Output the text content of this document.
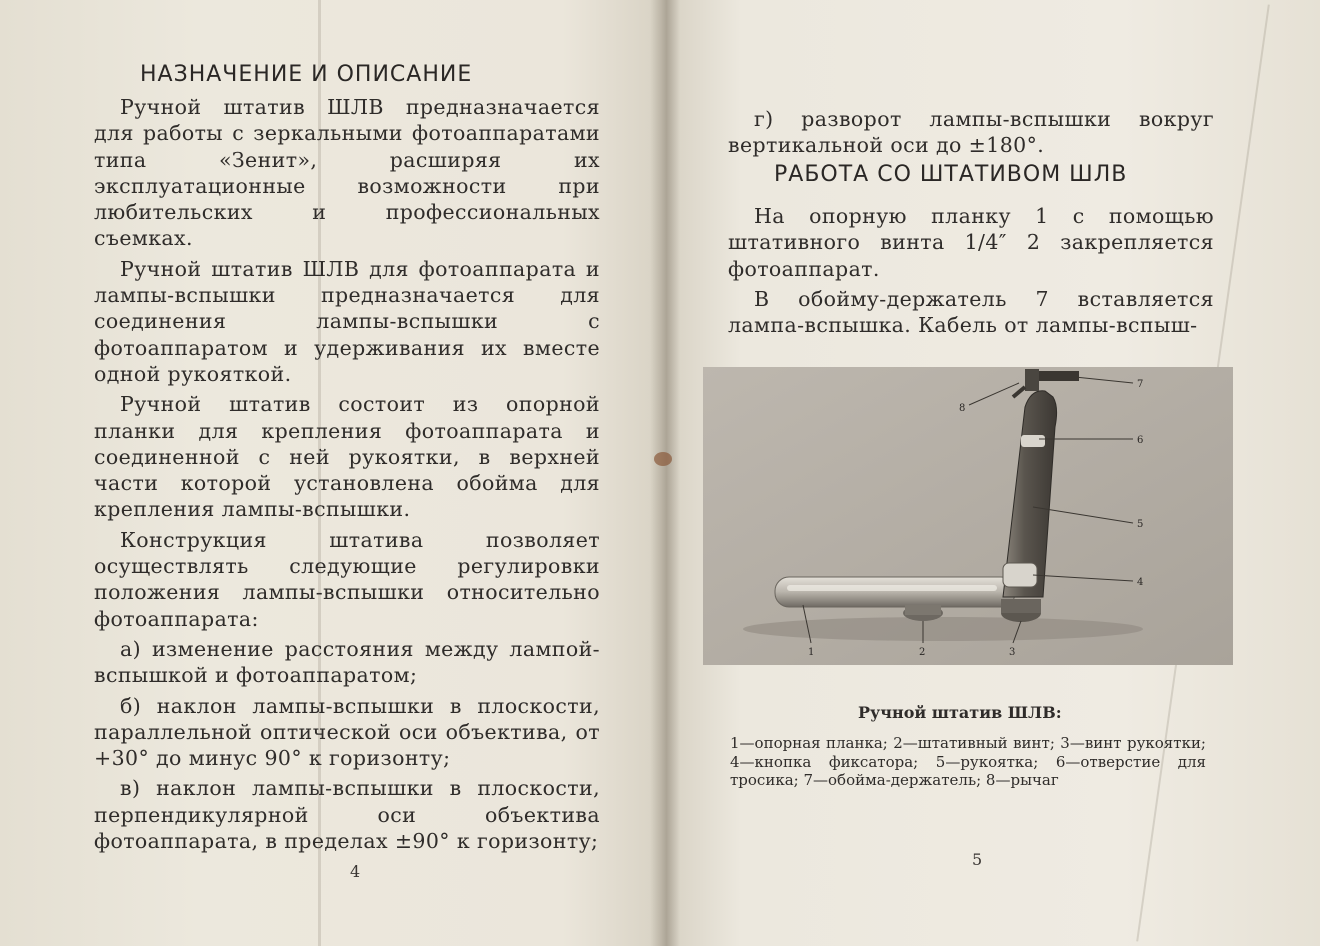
НАЗНАЧЕНИЕ И ОПИСАНИЕ

Ручной штатив ШЛВ предназначается для работы с зеркальными фотоаппаратами типа «Зенит», расширяя их эксплуатационные возможности при любительских и профессиональных съемках.

Ручной штатив ШЛВ для фотоаппарата и лампы-вспышки предназначается для соединения лампы-вспышки с фотоаппаратом и удерживания их вместе одной рукояткой.

Ручной штатив состоит из опорной планки для крепления фотоаппарата и соединенной с ней рукоятки, в верхней части которой установлена обойма для крепления лампы-вспышки.

Конструкция штатива позволяет осуществлять следующие регулировки положения лампы-вспышки относительно фотоаппарата:

а) изменение расстояния между лампой-вспышкой и фотоаппаратом;

б) наклон лампы-вспышки в плоскости, параллельной оптической оси объектива, от +30° до минус 90° к горизонту;

в) наклон лампы-вспышки в плоскости, перпендикулярной оси объектива фотоаппарата, в пределах ±90° к горизонту;

4

г) разворот лампы-вспышки вокруг вертикальной оси до ±180°.

РАБОТА СО ШТАТИВОМ ШЛВ

На опорную планку 1 с помощью штативного винта 1/4″ 2 закрепляется фотоаппарат.

В обойму-держатель 7 вставляется лампа-вспышка. Кабель от лампы-вспыш-

Ручной штатив ШЛВ:
1—опорная планка; 2—штативный винт; 3—винт рукоятки; 4—кнопка фиксатора; 5—рукоятка; 6—отверстие для тросика; 7—обойма-держатель; 8—рычаг
5
7
6
5
4
8
1	2	3
